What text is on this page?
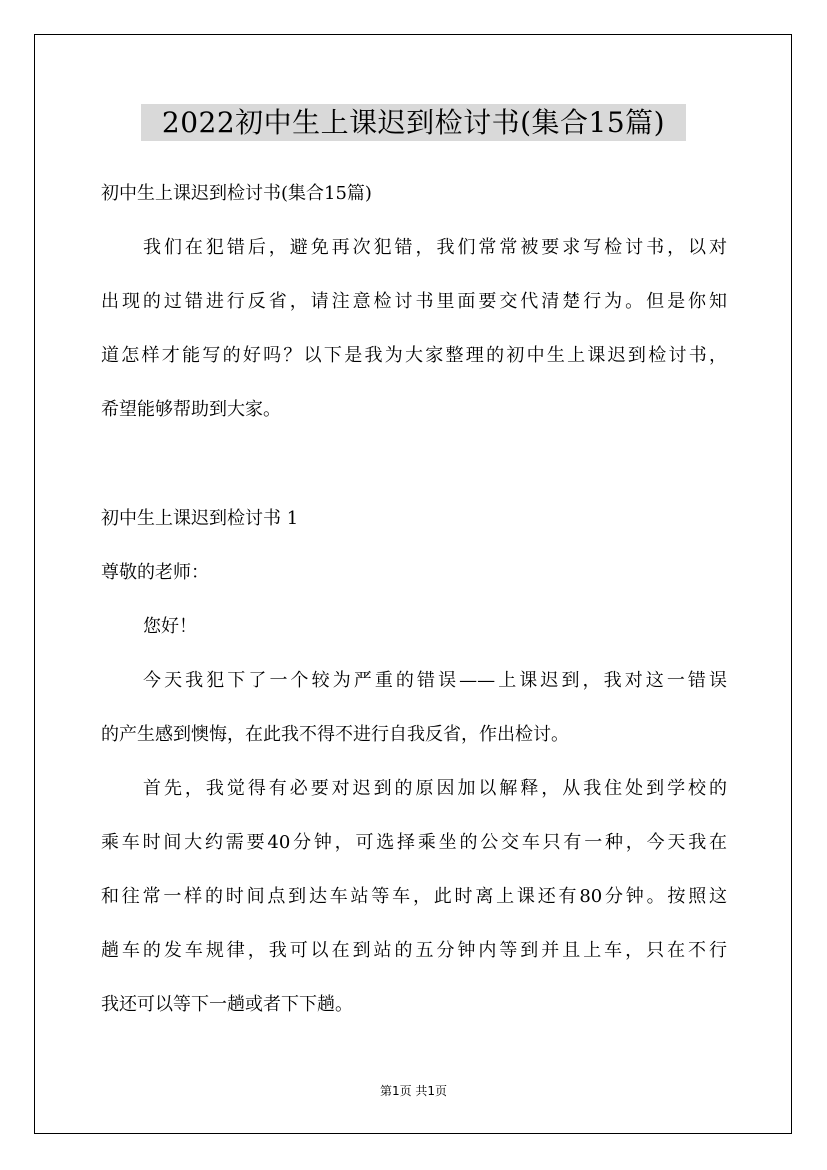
2022初中生上课迟到检讨书(集合15篇)
初中生上课迟到检讨书(集合15篇)
我们在犯错后，避免再次犯错，我们常常被要求写检讨书，以对
出现的过错进行反省，请注意检讨书里面要交代清楚行为。但是你知
道怎样才能写的好吗？以下是我为大家整理的初中生上课迟到检讨书，
希望能够帮助到大家。
初中生上课迟到检讨书 1
尊敬的老师：
您好！
今天我犯下了一个较为严重的错误——上课迟到，我对这一错误
的产生感到懊悔，在此我不得不进行自我反省，作出检讨。
首先，我觉得有必要对迟到的原因加以解释，从我住处到学校的
乘车时间大约需要40分钟，可选择乘坐的公交车只有一种，今天我在
和往常一样的时间点到达车站等车，此时离上课还有80分钟。按照这
趟车的发车规律，我可以在到站的五分钟内等到并且上车，只在不行
我还可以等下一趟或者下下趟。
第1页 共1页
